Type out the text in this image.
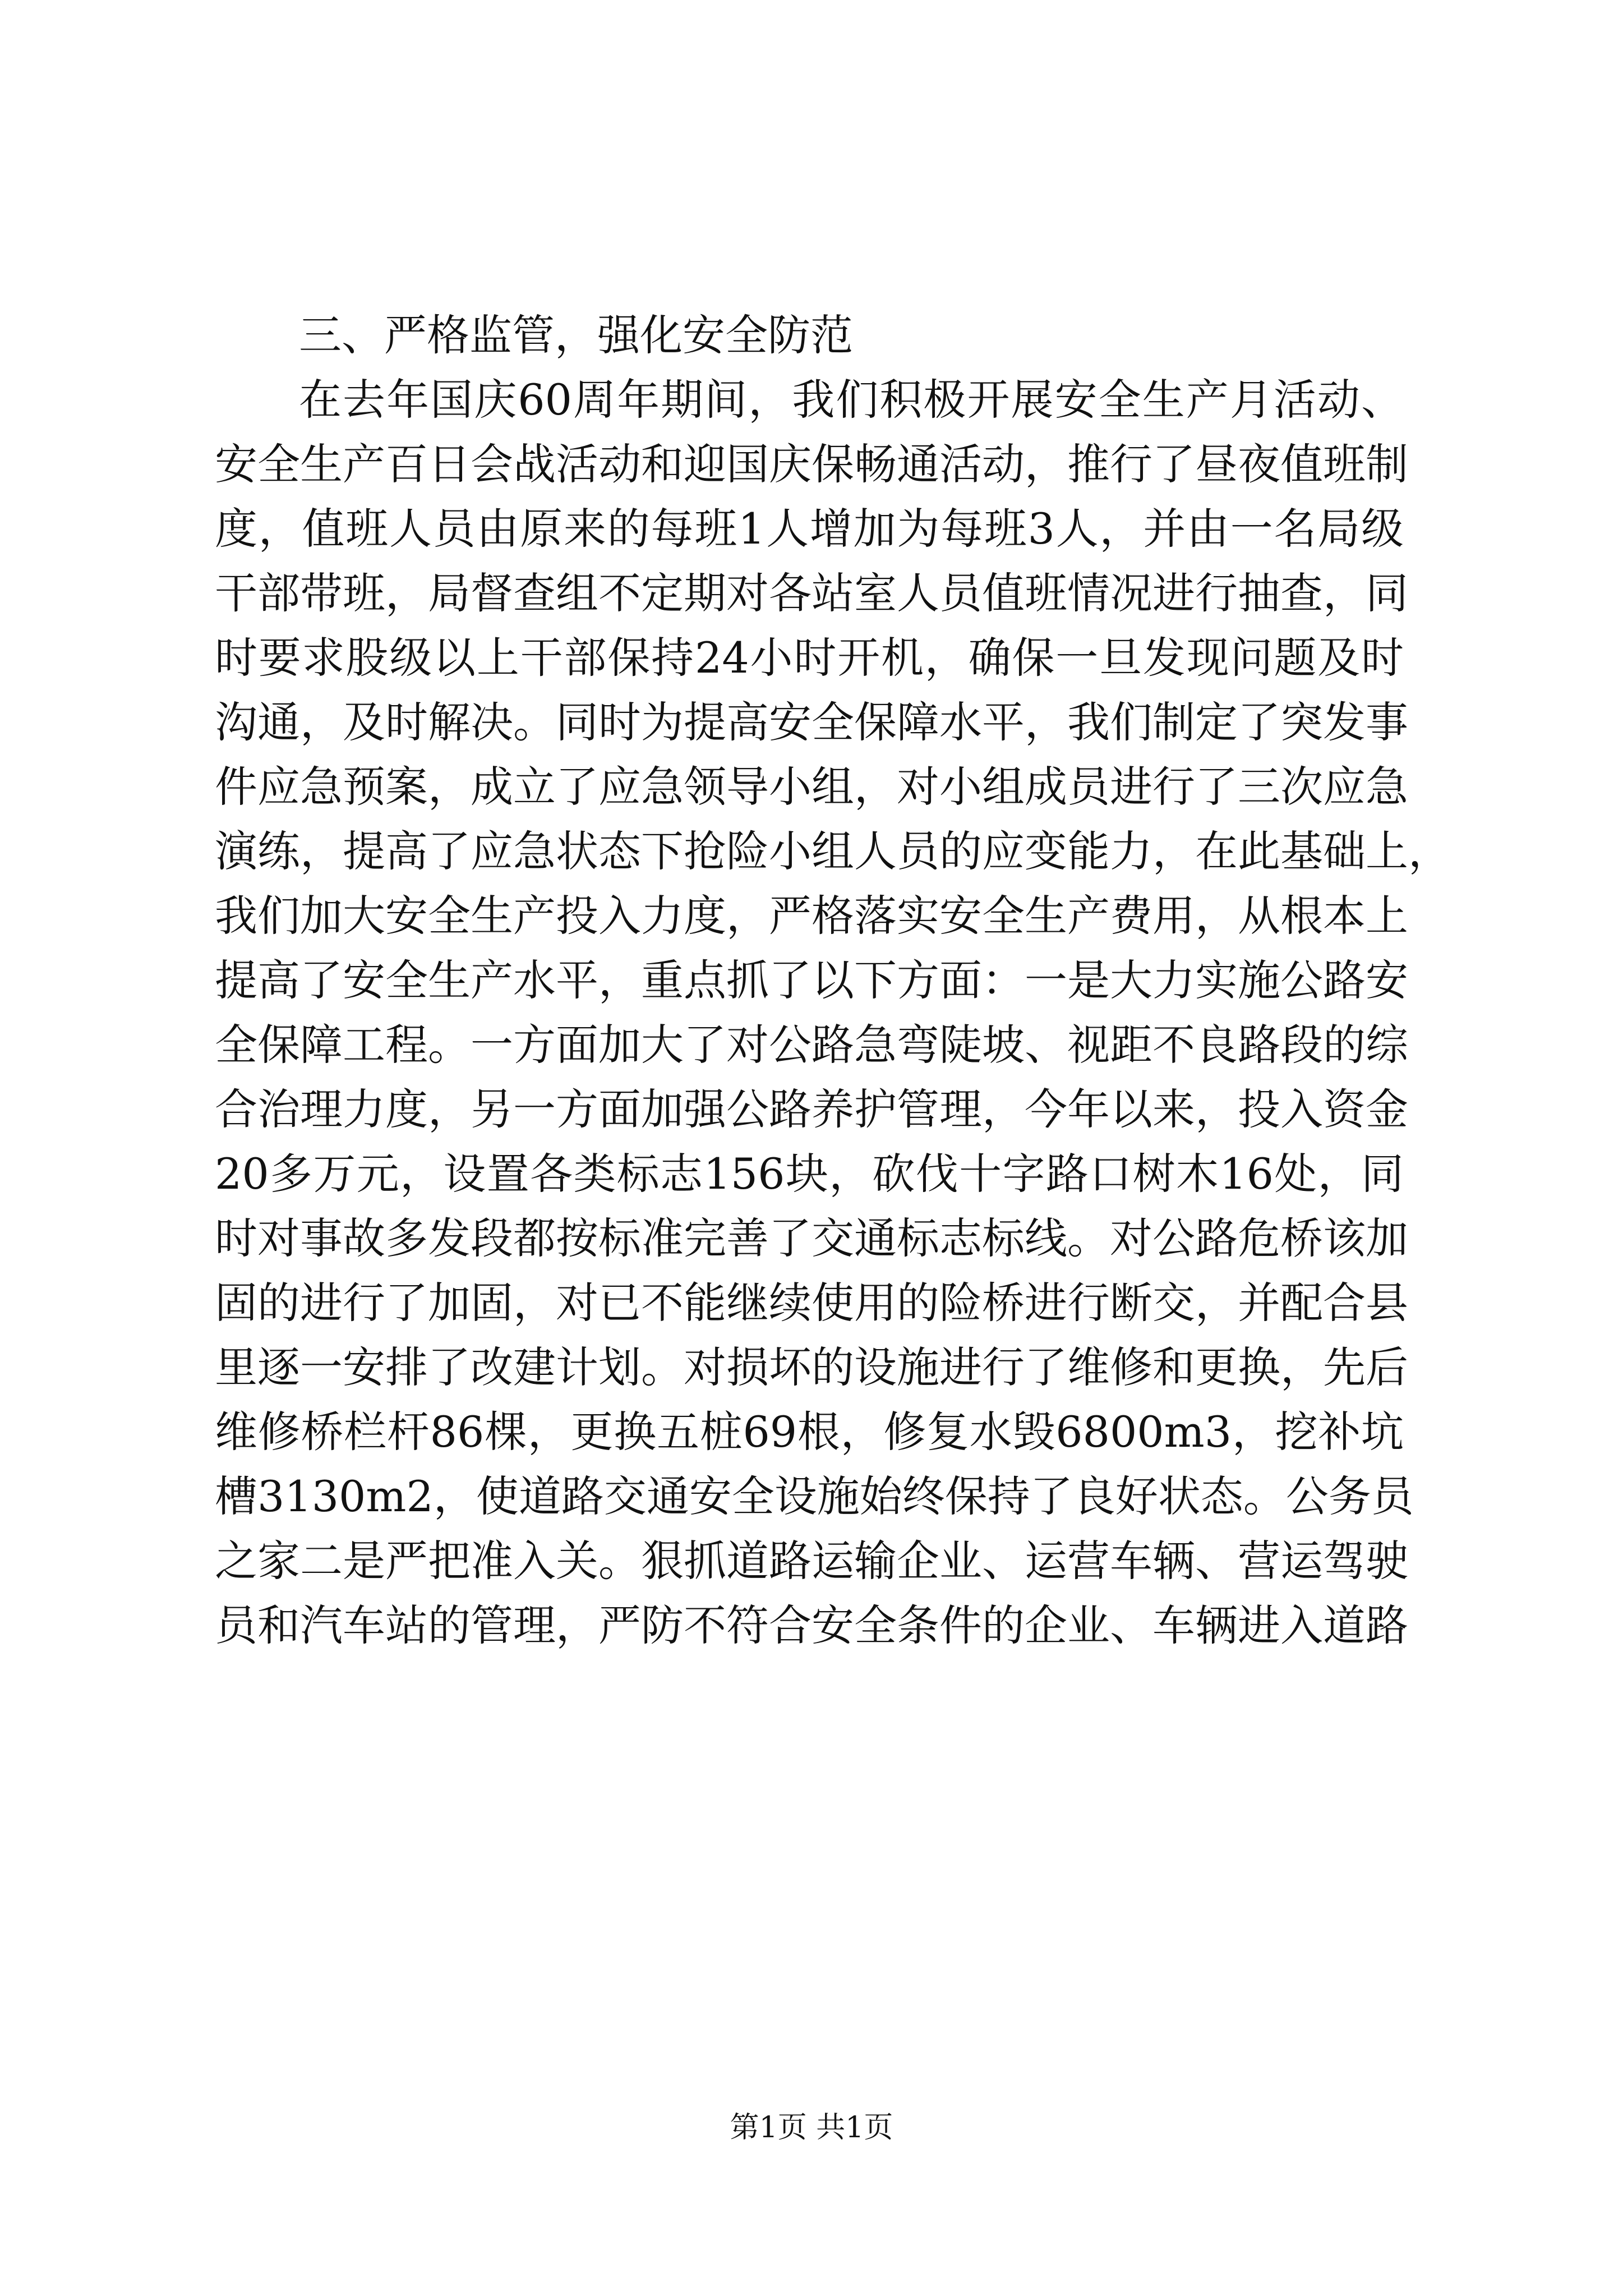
三、严格监管，强化安全防范
在去年国庆60周年期间，我们积极开展安全生产月活动、
安全生产百日会战活动和迎国庆保畅通活动，推行了昼夜值班制
度，值班人员由原来的每班1人增加为每班3人，并由一名局级
干部带班，局督查组不定期对各站室人员值班情况进行抽查，同
时要求股级以上干部保持24小时开机，确保一旦发现问题及时
沟通，及时解决。同时为提高安全保障水平，我们制定了突发事
件应急预案，成立了应急领导小组，对小组成员进行了三次应急
演练，提高了应急状态下抢险小组人员的应变能力，在此基础上，
我们加大安全生产投入力度，严格落实安全生产费用，从根本上
提高了安全生产水平，重点抓了以下方面：一是大力实施公路安
全保障工程。一方面加大了对公路急弯陡坡、视距不良路段的综
合治理力度，另一方面加强公路养护管理，今年以来，投入资金
20多万元，设置各类标志156块，砍伐十字路口树木16处，同
时对事故多发段都按标准完善了交通标志标线。对公路危桥该加
固的进行了加固，对已不能继续使用的险桥进行断交，并配合县
里逐一安排了改建计划。对损坏的设施进行了维修和更换，先后
维修桥栏杆86棵，更换五桩69根，修复水毁6800m3，挖补坑
槽3130m2，使道路交通安全设施始终保持了良好状态。公务员
之家二是严把准入关。狠抓道路运输企业、运营车辆、营运驾驶
员和汽车站的管理，严防不符合安全条件的企业、车辆进入道路
第1页 共1页
